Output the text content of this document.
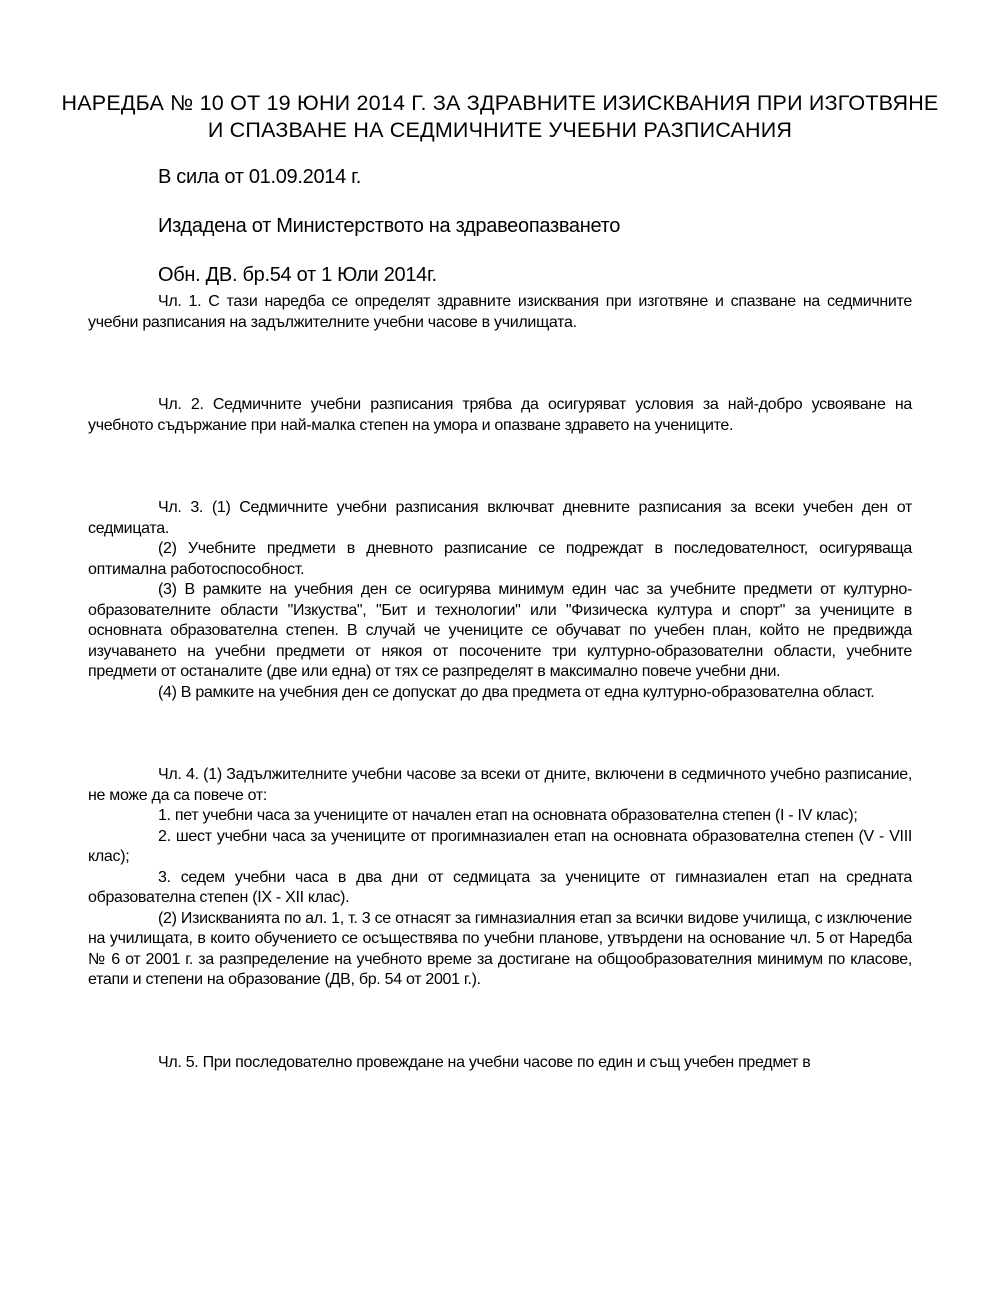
НАРЕДБА № 10 ОТ 19 ЮНИ 2014 Г. ЗА ЗДРАВНИТЕ ИЗИСКВАНИЯ ПРИ ИЗГОТВЯНЕ И СПАЗВАНЕ НА СЕДМИЧНИТЕ УЧЕБНИ РАЗПИСАНИЯ

В сила от 01.09.2014 г.

Издадена от Министерството на здравеопазването

Обн. ДВ. бр.54 от 1 Юли 2014г.

Чл. 1. С тази наредба се определят здравните изисквания при изготвяне и спазване на седмичните учебни разписания на задължителните учебни часове в училищата.

Чл. 2. Седмичните учебни разписания трябва да осигуряват условия за най-добро усвояване на учебното съдържание при най-малка степен на умора и опазване здравето на учениците.

Чл. 3. (1) Седмичните учебни разписания включват дневните разписания за всеки учебен ден от седмицата.

(2) Учебните предмети в дневното разписание се подреждат в последователност, осигуряваща оптимална работоспособност.

(3) В рамките на учебния ден се осигурява минимум един час за учебните предмети от културно-образователните области "Изкуства", "Бит и технологии" или "Физическа култура и спорт" за учениците в основната образователна степен. В случай че учениците се обучават по учебен план, който не предвижда изучаването на учебни предмети от някоя от посочените три културно-образователни области, учебните предмети от останалите (две или една) от тях се разпределят в максимално повече учебни дни.

(4) В рамките на учебния ден се допускат до два предмета от една културно-образователна област.

Чл. 4. (1) Задължителните учебни часове за всеки от дните, включени в седмичното учебно разписание, не може да са повече от:

1. пет учебни часа за учениците от начален етап на основната образователна степен (I - IV клас);

2. шест учебни часа за учениците от прогимназиален етап на основната образователна степен (V - VIII клас);

3. седем учебни часа в два дни от седмицата за учениците от гимназиален етап на средната образователна степен (IX - XII клас).

(2) Изискванията по ал. 1, т. 3 се отнасят за гимназиалния етап за всички видове училища, с изключение на училищата, в които обучението се осъществява по учебни планове, утвърдени на основание чл. 5 от Наредба № 6 от 2001 г. за разпределение на учебното време за достигане на общообразователния минимум по класове, етапи и степени на образование (ДВ, бр. 54 от 2001 г.).

Чл. 5. При последователно провеждане на учебни часове по един и същ учебен предмет в
